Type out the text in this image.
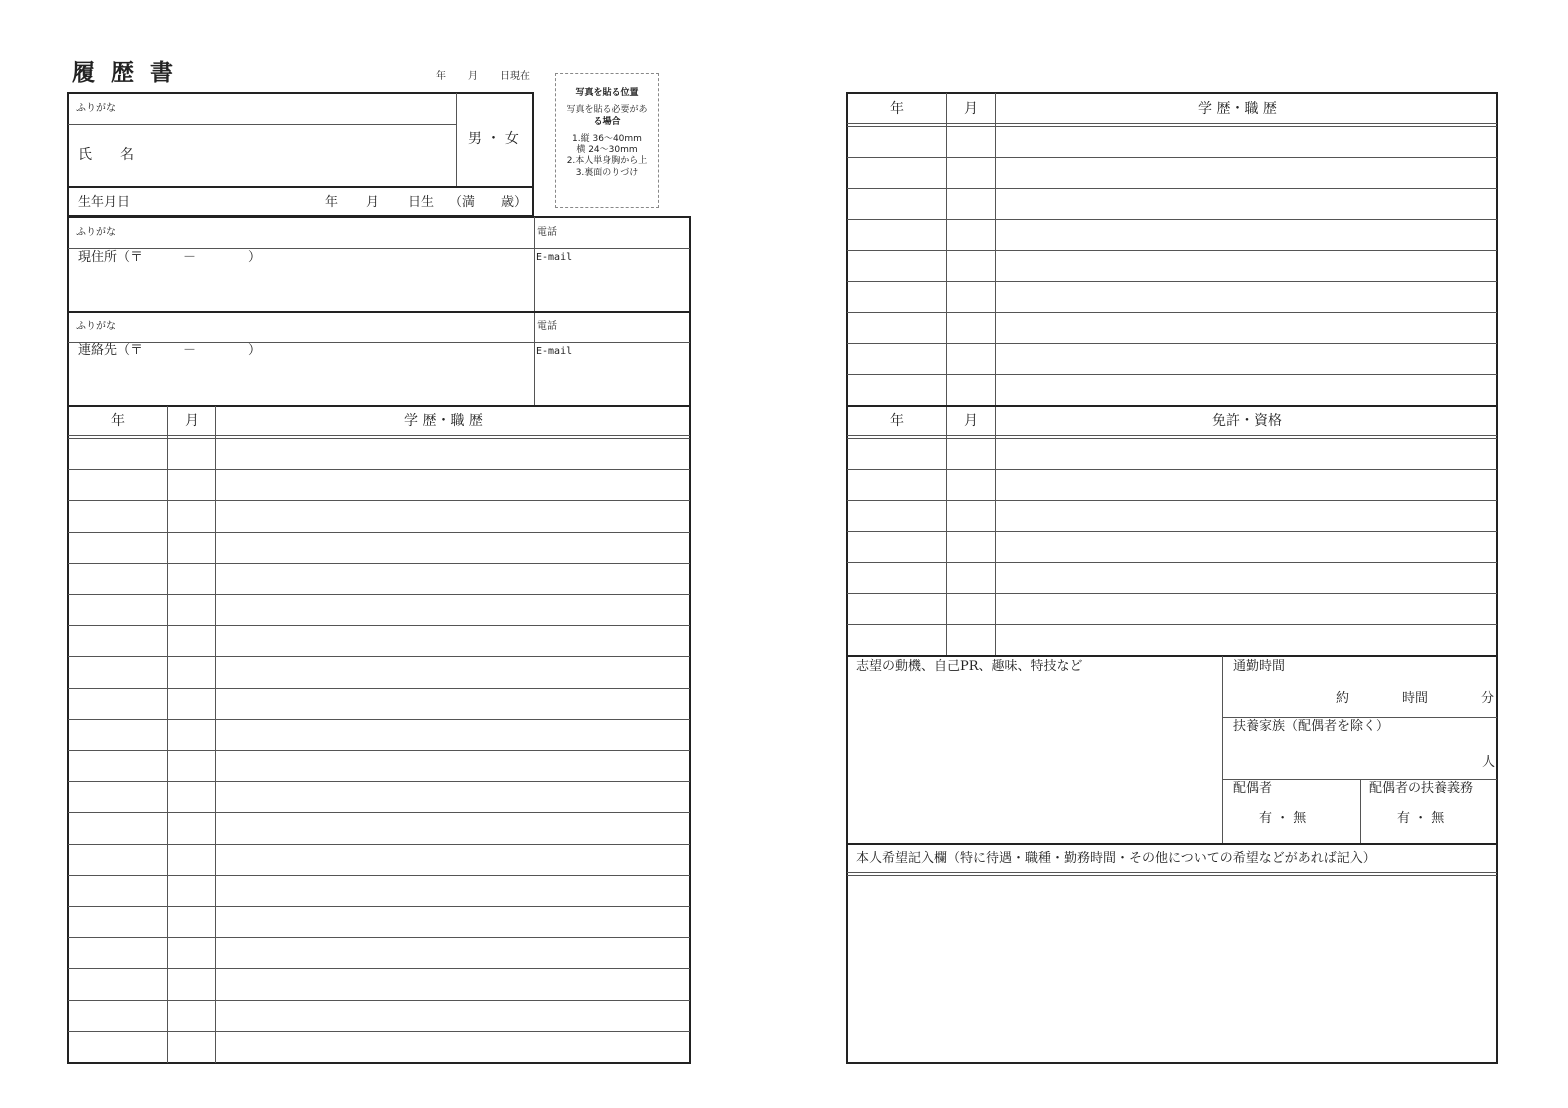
履 歴 書	年 月 日現在
写真を貼る位置
写真を貼る必要があ
る場合
1.縦 36〜40mm
横 24〜30mm
2.本人単身胸から上
3.裏面のりづけ
ふりがな
氏　　名
男 ・ 女
生年月日	年 月 日生 （満　　歳）
ふりがな	電話
現住所（〒	－	）	E-mail
ふりがな	電話
連絡先（〒	－	）	E-mail
年	月	学 歴・職 歴
年	月	学 歴・職 歴
年	月	免許・資格
志望の動機、自己PR、趣味、特技など	通勤時間
約	時間	分
扶養家族（配偶者を除く）
人
配偶者
有 ・ 無
配偶者の扶養義務
有 ・ 無
本人希望記入欄（特に待遇・職種・勤務時間・その他についての希望などがあれば記入）
